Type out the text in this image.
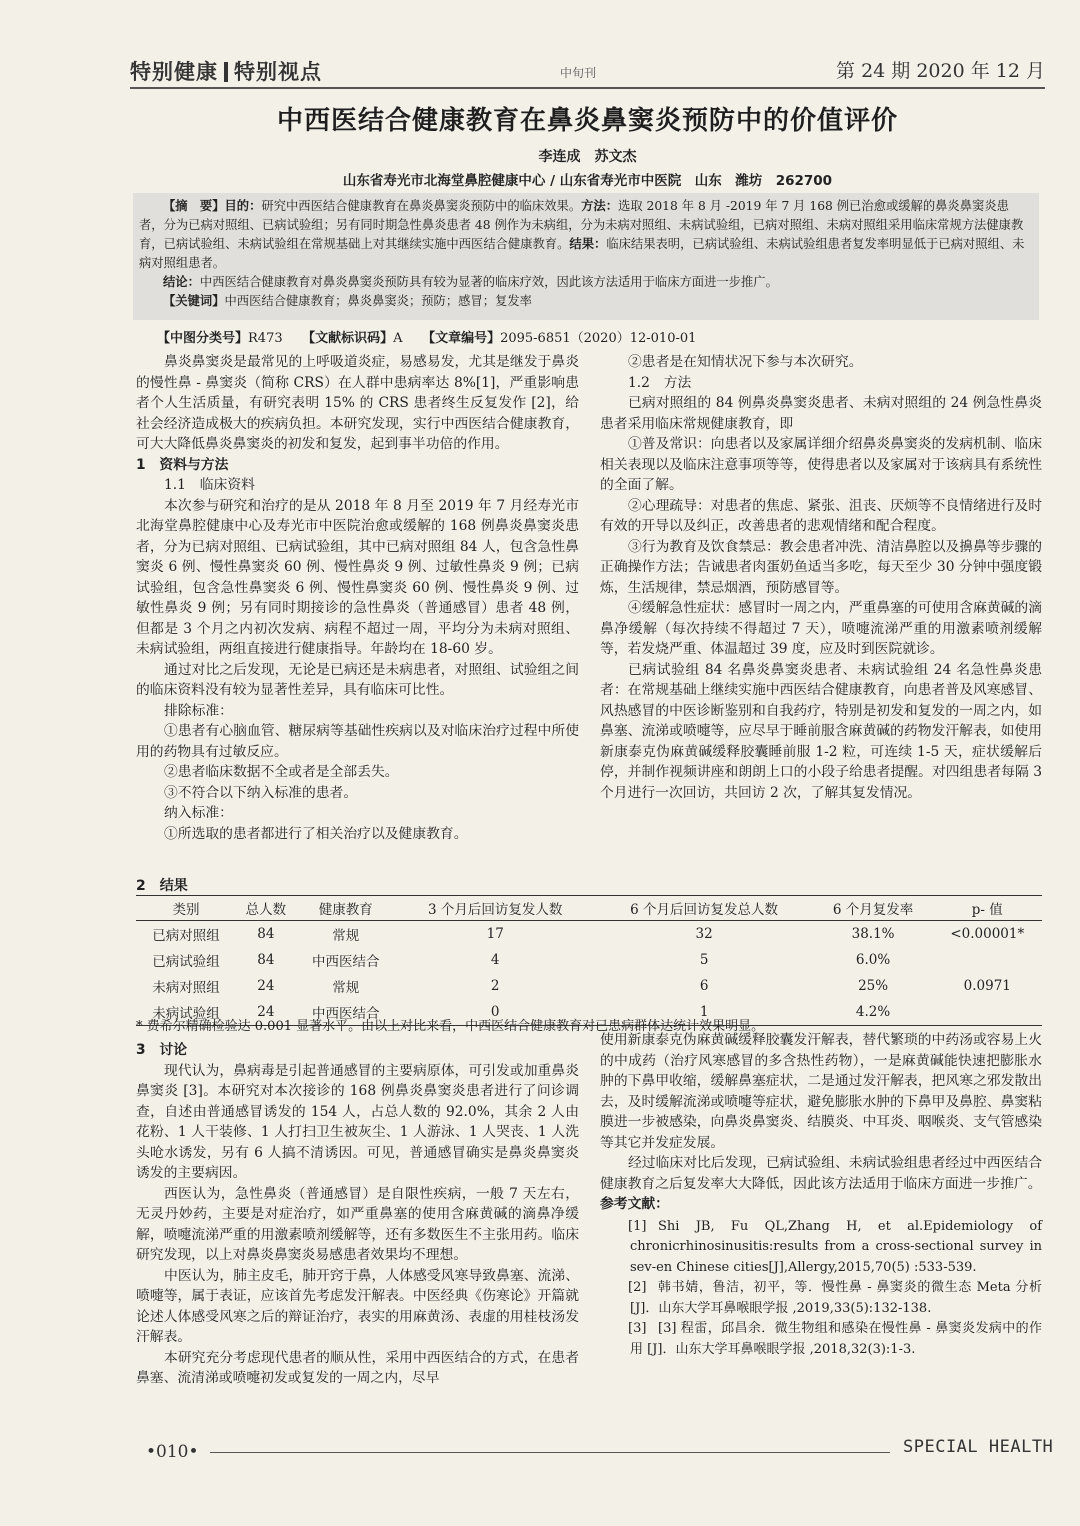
特别健康 特别视点	中旬刊	第 24 期 2020 年 12 月
中西医结合健康教育在鼻炎鼻窦炎预防中的价值评价
李连成　苏文杰
山东省寿光市北海堂鼻腔健康中心 / 山东省寿光市中医院　山东　潍坊　262700

【摘　要】目的：研究中西医结合健康教育在鼻炎鼻窦炎预防中的临床效果。方法：选取 2018 年 8 月 -2019 年 7 月 168 例已治愈或缓解的鼻炎鼻窦炎患者，分为已病对照组、已病试验组；另有同时期急性鼻炎患者 48 例作为未病组，分为未病对照组、未病试验组，已病对照组、未病对照组采用临床常规方法健康教育，已病试验组、未病试验组在常规基础上对其继续实施中西医结合健康教育。结果：临床结果表明，已病试验组、未病试验组患者复发率明显低于已病对照组、未病对照组患者。

结论：中西医结合健康教育对鼻炎鼻窦炎预防具有较为显著的临床疗效，因此该方法适用于临床方面进一步推广。

【关键词】中西医结合健康教育；鼻炎鼻窦炎；预防；感冒；复发率

【中图分类号】R473　　 【文献标识码】A　　 【文章编号】2095-6851（2020）12-010-01

鼻炎鼻窦炎是最常见的上呼吸道炎症，易感易发，尤其是继发于鼻炎的慢性鼻 - 鼻窦炎（简称 CRS）在人群中患病率达 8%[1]，严重影响患者个人生活质量，有研究表明 15% 的 CRS 患者终生反复发作 [2]，给社会经济造成极大的疾病负担。本研究发现，实行中西医结合健康教育，可大大降低鼻炎鼻窦炎的初发和复发，起到事半功倍的作用。

1　资料与方法

1.1　临床资料

本次参与研究和治疗的是从 2018 年 8 月至 2019 年 7 月经寿光市北海堂鼻腔健康中心及寿光市中医院治愈或缓解的 168 例鼻炎鼻窦炎患者，分为已病对照组、已病试验组，其中已病对照组 84 人，包含急性鼻窦炎 6 例、慢性鼻窦炎 60 例、慢性鼻炎 9 例、过敏性鼻炎 9 例；已病试验组，包含急性鼻窦炎 6 例、慢性鼻窦炎 60 例、慢性鼻炎 9 例、过敏性鼻炎 9 例；另有同时期接诊的急性鼻炎（普通感冒）患者 48 例，但都是 3 个月之内初次发病、病程不超过一周，平均分为未病对照组、未病试验组，两组直接进行健康指导。年龄均在 18-60 岁。

通过对比之后发现，无论是已病还是未病患者，对照组、试验组之间的临床资料没有较为显著性差异，具有临床可比性。

排除标准：

①患者有心脑血管、糖尿病等基础性疾病以及对临床治疗过程中所使用的药物具有过敏反应。

②患者临床数据不全或者是全部丢失。

③不符合以下纳入标准的患者。

纳入标准：

①所选取的患者都进行了相关治疗以及健康教育。

②患者是在知情状况下参与本次研究。

1.2　方法

已病对照组的 84 例鼻炎鼻窦炎患者、未病对照组的 24 例急性鼻炎患者采用临床常规健康教育，即

①普及常识：向患者以及家属详细介绍鼻炎鼻窦炎的发病机制、临床相关表现以及临床注意事项等等，使得患者以及家属对于该病具有系统性的全面了解。

②心理疏导：对患者的焦虑、紧张、沮丧、厌烦等不良情绪进行及时有效的开导以及纠正，改善患者的悲观情绪和配合程度。

③行为教育及饮食禁忌：教会患者冲洗、清洁鼻腔以及擤鼻等步骤的正确操作方法；告诫患者肉蛋奶鱼适当多吃，每天至少 30 分钟中强度锻炼，生活规律，禁忌烟酒，预防感冒等。

④缓解急性症状：感冒时一周之内，严重鼻塞的可使用含麻黄碱的滴鼻净缓解（每次持续不得超过 7 天），喷嚏流涕严重的用激素喷剂缓解等，若发烧严重、体温超过 39 度，应及时到医院就诊。

已病试验组 84 名鼻炎鼻窦炎患者、未病试验组 24 名急性鼻炎患者：在常规基础上继续实施中西医结合健康教育，向患者普及风寒感冒、风热感冒的中医诊断鉴别和自我药疗，特别是初发和复发的一周之内，如鼻塞、流涕或喷嚏等，应尽早于睡前服含麻黄碱的药物发汗解表，如使用新康泰克伪麻黄碱缓释胶囊睡前服 1-2 粒，可连续 1-5 天，症状缓解后停，并制作视频讲座和朗朗上口的小段子给患者提醒。对四组患者每隔 3 个月进行一次回访，共回访 2 次，了解其复发情况。

2　结果
类别	总人数	健康教育	3 个月后回访复发人数	6 个月后回访复发总人数	6 个月复发率	p- 值
已病对照组	84	常规	17	32	38.1%	<0.00001*
已病试验组	84	中西医结合	4	5	6.0%	
未病对照组	24	常规	2	6	25%	0.0971
未病试验组	24	中西医结合	0	1	4.2%	
* 费希尔精确检验达 0.001 显著水平。由以上对比来看，中西医结合健康教育对已患病群体达统计效果明显。

3　讨论

现代认为，鼻病毒是引起普通感冒的主要病原体，可引发或加重鼻炎鼻窦炎 [3]。本研究对本次接诊的 168 例鼻炎鼻窦炎患者进行了问诊调查，自述由普通感冒诱发的 154 人，占总人数的 92.0%，其余 2 人由花粉、1 人干装修、1 人打扫卫生被灰尘、1 人游泳、1 人哭丧、1 人洗头呛水诱发，另有 6 人搞不清诱因。可见，普通感冒确实是鼻炎鼻窦炎诱发的主要病因。

西医认为，急性鼻炎（普通感冒）是自限性疾病，一般 7 天左右，无灵丹妙药，主要是对症治疗，如严重鼻塞的使用含麻黄碱的滴鼻净缓解，喷嚏流涕严重的用激素喷剂缓解等，还有多数医生不主张用药。临床研究发现，以上对鼻炎鼻窦炎易感患者效果均不理想。

中医认为，肺主皮毛，肺开窍于鼻，人体感受风寒导致鼻塞、流涕、喷嚏等，属于表证，应该首先考虑发汗解表。中医经典《伤寒论》开篇就论述人体感受风寒之后的辩证治疗，表实的用麻黄汤、表虚的用桂枝汤发汗解表。

本研究充分考虑现代患者的顺从性，采用中西医结合的方式，在患者鼻塞、流清涕或喷嚏初发或复发的一周之内，尽早

使用新康泰克伪麻黄碱缓释胶囊发汗解表，替代繁琐的中药汤或容易上火的中成药（治疗风寒感冒的多含热性药物），一是麻黄碱能快速把膨胀水肿的下鼻甲收缩，缓解鼻塞症状，二是通过发汗解表，把风寒之邪发散出去，及时缓解流涕或喷嚏等症状，避免膨胀水肿的下鼻甲及鼻腔、鼻窦粘膜进一步被感染，向鼻炎鼻窦炎、结膜炎、中耳炎、咽喉炎、支气管感染等其它并发症发展。

经过临床对比后发现，已病试验组、未病试验组患者经过中西医结合健康教育之后复发率大大降低，因此该方法适用于临床方面进一步推广。

参考文献：

[1] Shi JB, Fu QL,Zhang H, et al.Epidemiology of chronicrhinosinusitis:results from a cross-sectional survey in sev-en Chinese cities[J],Allergy,2015,70(5) :533-539.

[2] 韩书婧，鲁洁，初平，等．慢性鼻 - 鼻窦炎的微生态 Meta 分析 [J]．山东大学耳鼻喉眼学报 ,2019,33(5):132-138.

[3] [3] 程雷，邱昌余．微生物组和感染在慢性鼻 - 鼻窦炎发病中的作用 [J]．山东大学耳鼻喉眼学报 ,2018,32(3):1-3.

•010•	SPECIAL HEALTH
